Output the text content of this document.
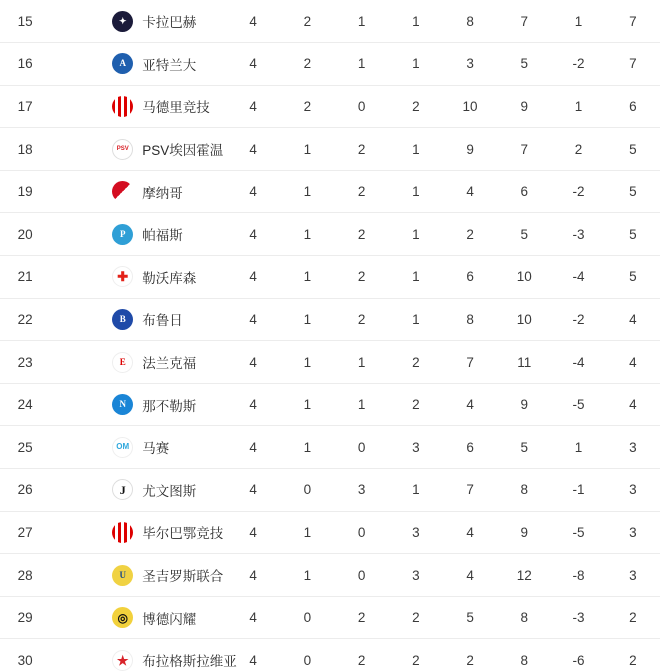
15	✦ 卡拉巴赫	4	2	1	1	8	7	1	7
16	A 亚特兰大	4	2	1	1	3	5	-2	7
17	马德里竞技	4	2	0	2	10	9	1	6
18	PSV PSV埃因霍温	4	1	2	1	9	7	2	5
19	摩纳哥	4	1	2	1	4	6	-2	5
20	P 帕福斯	4	1	2	1	2	5	-3	5
21	✚ 勒沃库森	4	1	2	1	6	10	-4	5
22	B 布鲁日	4	1	2	1	8	10	-2	4
23	E 法兰克福	4	1	1	2	7	11	-4	4
24	N 那不勒斯	4	1	1	2	4	9	-5	4
25	OM 马赛	4	1	0	3	6	5	1	3
26	J 尤文图斯	4	0	3	1	7	8	-1	3
27	毕尔巴鄂竞技	4	1	0	3	4	9	-5	3
28	U 圣吉罗斯联合	4	1	0	3	4	12	-8	3
29	◎ 博德闪耀	4	0	2	2	5	8	-3	2
30	★ 布拉格斯拉维亚	4	0	2	2	2	8	-6	2
